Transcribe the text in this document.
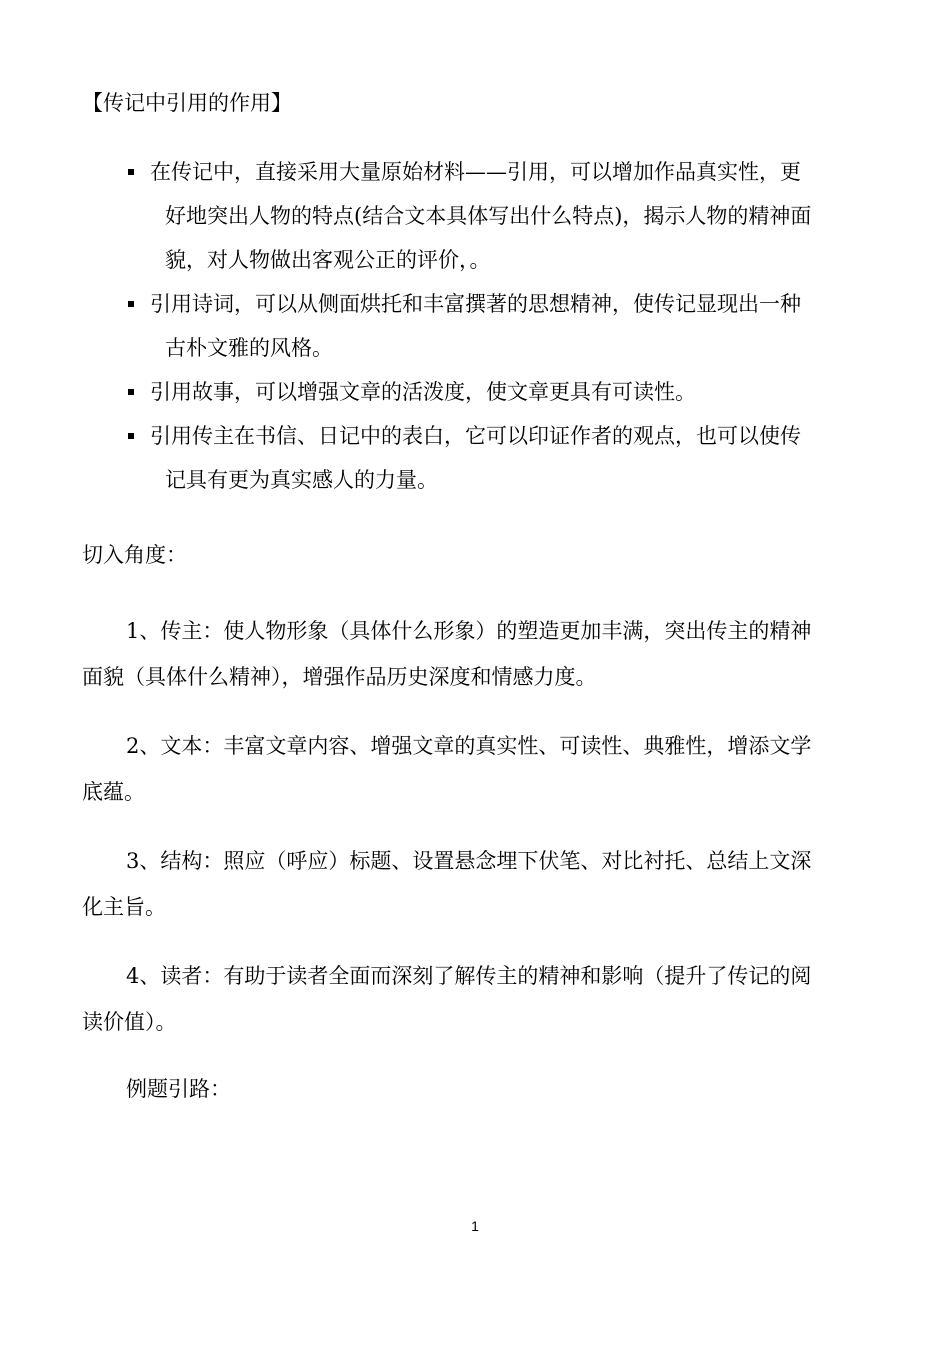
【传记中引用的作用】
在传记中，直接采用大量原始材料——引用，可以增加作品真实性，更
好地突出人物的特点(结合文本具体写出什么特点)，揭示人物的精神面
貌，对人物做出客观公正的评价，。
引用诗词，可以从侧面烘托和丰富撰著的思想精神，使传记显现出一种
古朴文雅的风格。
引用故事，可以增强文章的活泼度，使文章更具有可读性。
引用传主在书信、日记中的表白，它可以印证作者的观点，也可以使传
记具有更为真实感人的力量。
切入角度：
1、传主：使人物形象（具体什么形象）的塑造更加丰满，突出传主的精神
面貌（具体什么精神），增强作品历史深度和情感力度。
2、文本：丰富文章内容、增强文章的真实性、可读性、典雅性，增添文学
底蕴。
3、结构：照应（呼应）标题、设置悬念埋下伏笔、对比衬托、总结上文深
化主旨。
4、读者：有助于读者全面而深刻了解传主的精神和影响（提升了传记的阅
读价值）。
例题引路：
1
